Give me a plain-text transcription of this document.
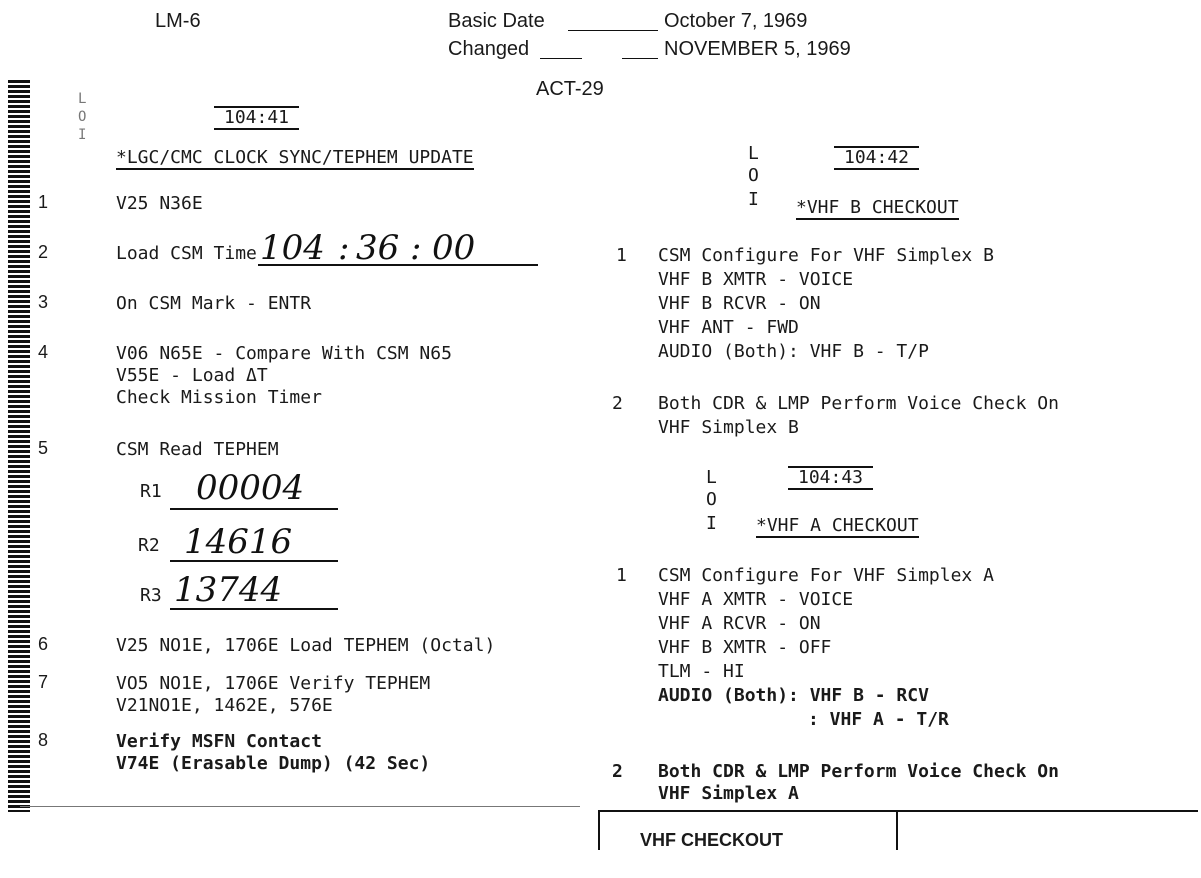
L
O
I
LM-6	Basic Date	October 7, 1969
Changed	NOVEMBER 5, 1969
ACT-29
104:41
*LGC/CMC CLOCK SYNC/TEPHEM UPDATE
1	V25 N36E
2	Load CSM Time 104 : 36 : 00
3	On CSM Mark - ENTR
4	V06 N65E - Compare With CSM N65
V55E - Load ΔT
Check Mission Timer
5	CSM Read TEPHEM
R1 00004
R2 14616
R3 13744
6	V25 NO1E, 1706E Load TEPHEM (Octal)
7	VO5 NO1E, 1706E Verify TEPHEM
V21NO1E, 1462E, 576E
8	Verify MSFN Contact
V74E (Erasable Dump) (42 Sec)
L
O
I
104:42
*VHF B CHECKOUT
1 CSM Configure For VHF Simplex B
VHF B XMTR - VOICE
VHF B RCVR - ON
VHF ANT - FWD
AUDIO (Both): VHF B - T/P
2 Both CDR & LMP Perform Voice Check On
VHF Simplex B
L
O
I
104:43
*VHF A CHECKOUT
1 CSM Configure For VHF Simplex A
VHF A XMTR - VOICE
VHF A RCVR - ON
VHF B XMTR - OFF
TLM - HI
AUDIO (Both): VHF B - RCV
: VHF A - T/R
2 Both CDR & LMP Perform Voice Check On
VHF Simplex A
VHF CHECKOUT
